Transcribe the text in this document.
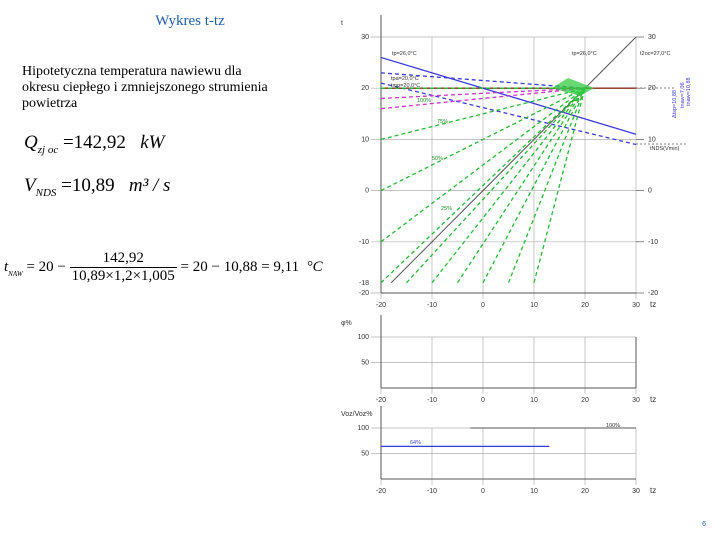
Wykres t-tz
Hipotetyczna temperatura nawiewu dla okresu ciepłego i zmniejszonego strumienia powietrza
$Q_{zj oc} =142,92$ kW
$V_{NDS} =10,89$ m³ / s
$t_{NAW} = 20 - \frac{142,92}{10,89\times 1,2\times 1,005} = 20 - 10,88 = 9,11$ °C
-20	-10	0	10	20	30
30
20
10
0
-10
-20
-18
30
20
10
0
-10
-20
tz
t
-20	-10	0	10	20	30
100
50
tz
φ%
-20	-10	0	10	20	30
100
50
tz
Voz/Voz%
tp=26,0°C	tp=26,0°C	t2oc=27,0°C
tpa=20,0°C
tmp=20,0°C
100%
75%
50%
25%
Δtsp=10,88 tnaw=7,06 tnaw=10,88
tNDS(Vmin)
100%
64%
6
